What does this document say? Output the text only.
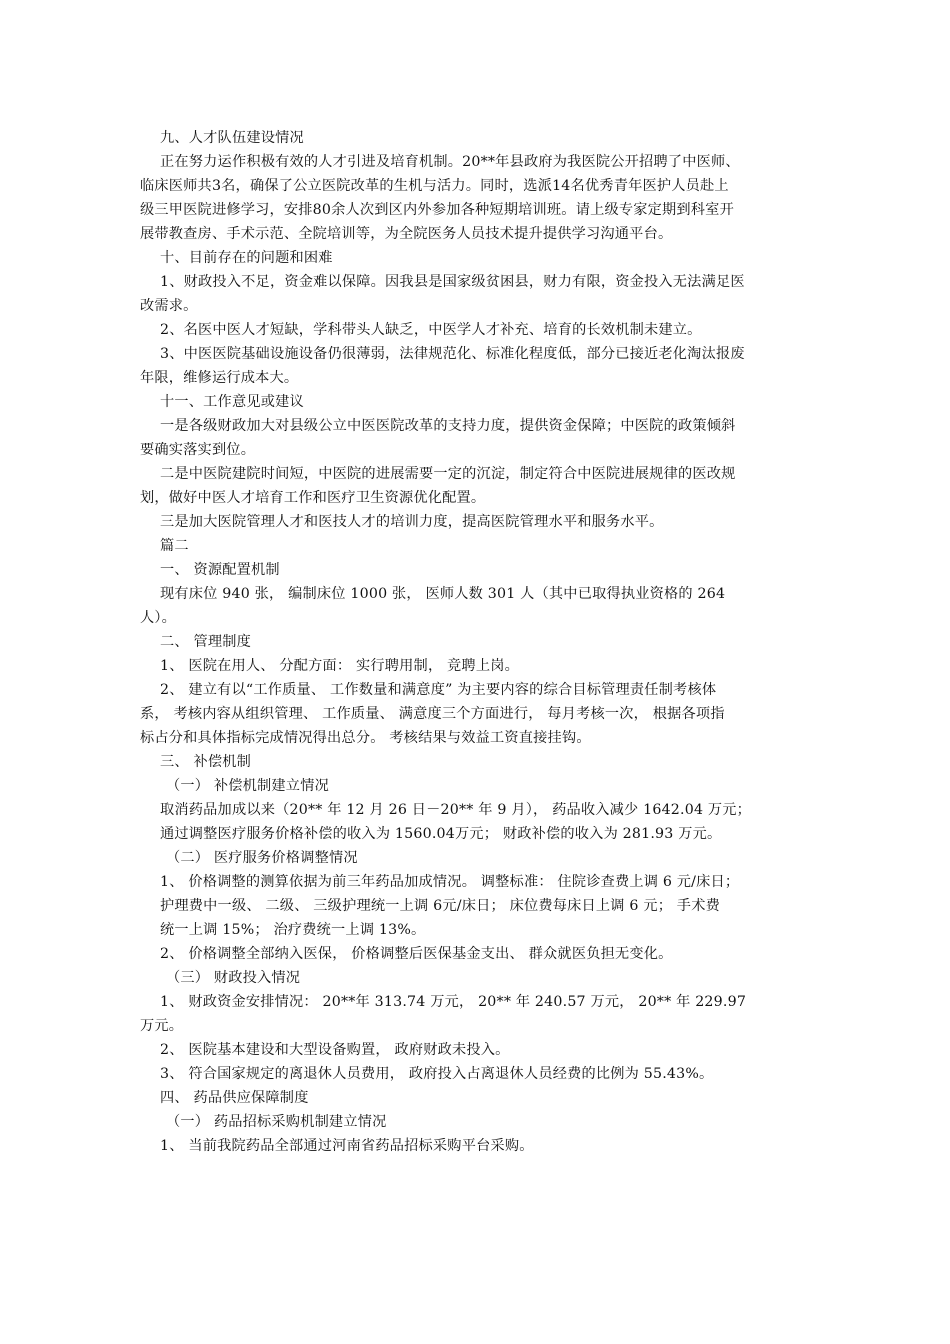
九、人才队伍建设情况

正在努力运作积极有效的人才引进及培育机制。20**年县政府为我医院公开招聘了中医师、

临床医师共3名，确保了公立医院改革的生机与活力。同时，选派14名优秀青年医护人员赴上

级三甲医院进修学习，安排80余人次到区内外参加各种短期培训班。请上级专家定期到科室开

展带教查房、手术示范、全院培训等，为全院医务人员技术提升提供学习沟通平台。

十、目前存在的问题和困难

1、财政投入不足，资金难以保障。因我县是国家级贫困县，财力有限，资金投入无法满足医

改需求。

2、名医中医人才短缺，学科带头人缺乏，中医学人才补充、培育的长效机制未建立。

3、中医医院基础设施设备仍很薄弱，法律规范化、标准化程度低，部分已接近老化淘汰报废

年限，维修运行成本大。

十一、工作意见或建议

一是各级财政加大对县级公立中医医院改革的支持力度，提供资金保障；中医院的政策倾斜

要确实落实到位。

二是中医院建院时间短，中医院的进展需要一定的沉淀，制定符合中医院进展规律的医改规

划，做好中医人才培育工作和医疗卫生资源优化配置。

三是加大医院管理人才和医技人才的培训力度，提高医院管理水平和服务水平。

篇二

一、 资源配置机制

现有床位 940 张， 编制床位 1000 张， 医师人数 301 人（其中已取得执业资格的 264

人）。

二、 管理制度

1、 医院在用人、 分配方面： 实行聘用制， 竞聘上岗。

2、 建立有以“工作质量、 工作数量和满意度” 为主要内容的综合目标管理责任制考核体

系， 考核内容从组织管理、 工作质量、 满意度三个方面进行， 每月考核一次， 根据各项指

标占分和具体指标完成情况得出总分。 考核结果与效益工资直接挂钩。

三、 补偿机制

（一） 补偿机制建立情况

取消药品加成以来（20** 年 12 月 26 日－20** 年 9 月）， 药品收入减少 1642.04 万元；

通过调整医疗服务价格补偿的收入为 1560.04万元； 财政补偿的收入为 281.93 万元。

（二） 医疗服务价格调整情况

1、 价格调整的测算依据为前三年药品加成情况。 调整标准： 住院诊查费上调 6 元/床日；

护理费中一级、 二级、 三级护理统一上调 6元/床日； 床位费每床日上调 6 元； 手术费

统一上调 15%； 治疗费统一上调 13%。

2、 价格调整全部纳入医保， 价格调整后医保基金支出、 群众就医负担无变化。

（三） 财政投入情况

1、 财政资金安排情况： 20**年 313.74 万元， 20** 年 240.57 万元， 20** 年 229.97

万元。

2、 医院基本建设和大型设备购置， 政府财政未投入。

3、 符合国家规定的离退休人员费用， 政府投入占离退休人员经费的比例为 55.43%。

四、 药品供应保障制度

（一） 药品招标采购机制建立情况

1、 当前我院药品全部通过河南省药品招标采购平台采购。
